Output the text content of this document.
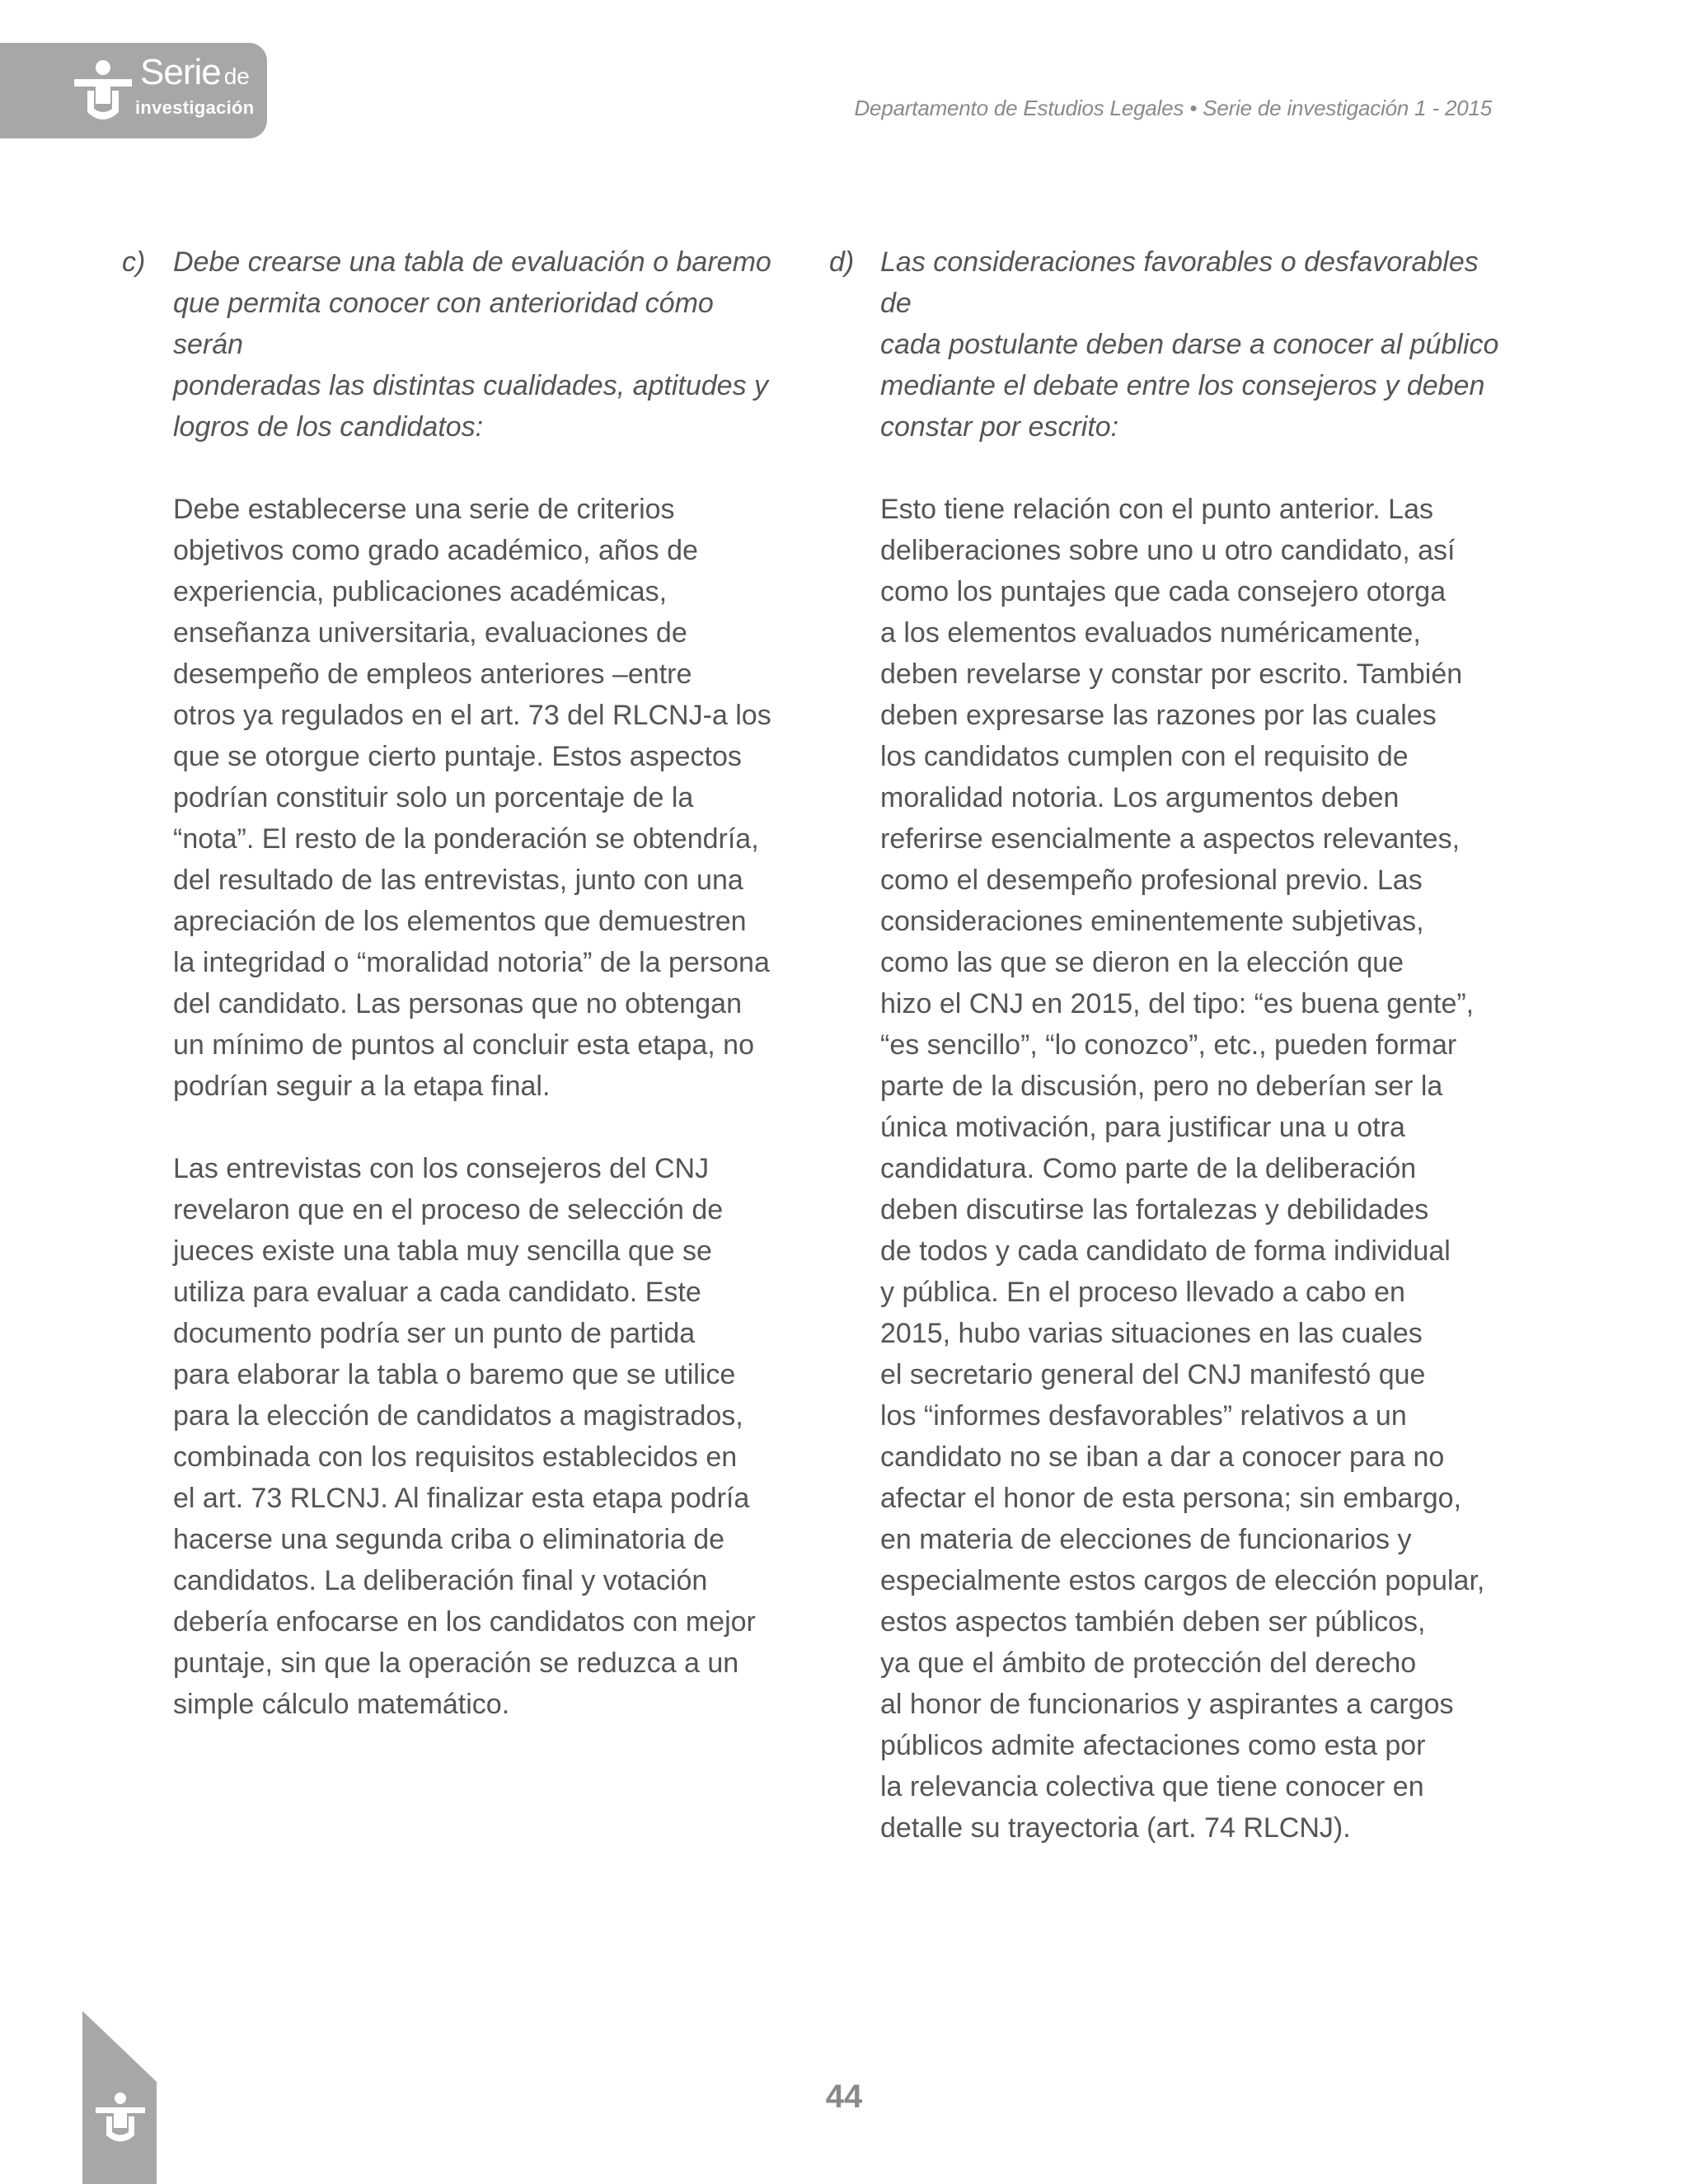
Serie de
investigación	Departamento de Estudios Legales • Serie de investigación 1 - 2015
c) Debe crearse una tabla de evaluación o baremo
que permita conocer con anterioridad cómo serán
ponderadas las distintas cualidades, aptitudes y
logros de los candidatos:

Debe establecerse una serie de criterios
objetivos como grado académico, años de
experiencia, publicaciones académicas,
enseñanza universitaria, evaluaciones de
desempeño de empleos anteriores –entre
otros ya regulados en el art. 73 del RLCNJ-a los
que se otorgue cierto puntaje. Estos aspectos
podrían constituir solo un porcentaje de la
“nota”. El resto de la ponderación se obtendría,
del resultado de las entrevistas, junto con una
apreciación de los elementos que demuestren
la integridad o “moralidad notoria” de la persona
del candidato. Las personas que no obtengan
un mínimo de puntos al concluir esta etapa, no
podrían seguir a la etapa final.

Las entrevistas con los consejeros del CNJ
revelaron que en el proceso de selección de
jueces existe una tabla muy sencilla que se
utiliza para evaluar a cada candidato. Este
documento podría ser un punto de partida
para elaborar la tabla o baremo que se utilice
para la elección de candidatos a magistrados,
combinada con los requisitos establecidos en
el art. 73 RLCNJ. Al finalizar esta etapa podría
hacerse una segunda criba o eliminatoria de
candidatos. La deliberación final y votación
debería enfocarse en los candidatos con mejor
puntaje, sin que la operación se reduzca a un
simple cálculo matemático.

d) Las consideraciones favorables o desfavorables de
cada postulante deben darse a conocer al público
mediante el debate entre los consejeros y deben
constar por escrito:

Esto tiene relación con el punto anterior. Las
deliberaciones sobre uno u otro candidato, así
como los puntajes que cada consejero otorga
a los elementos evaluados numéricamente,
deben revelarse y constar por escrito. También
deben expresarse las razones por las cuales
los candidatos cumplen con el requisito de
moralidad notoria. Los argumentos deben
referirse esencialmente a aspectos relevantes,
como el desempeño profesional previo. Las
consideraciones eminentemente subjetivas,
como las que se dieron en la elección que
hizo el CNJ en 2015, del tipo: “es buena gente”,
“es sencillo”, “lo conozco”, etc., pueden formar
parte de la discusión, pero no deberían ser la
única motivación, para justificar una u otra
candidatura. Como parte de la deliberación
deben discutirse las fortalezas y debilidades
de todos y cada candidato de forma individual
y pública. En el proceso llevado a cabo en
2015, hubo varias situaciones en las cuales
el secretario general del CNJ manifestó que
los “informes desfavorables” relativos a un
candidato no se iban a dar a conocer para no
afectar el honor de esta persona; sin embargo,
en materia de elecciones de funcionarios y
especialmente estos cargos de elección popular,
estos aspectos también deben ser públicos,
ya que el ámbito de protección del derecho
al honor de funcionarios y aspirantes a cargos
públicos admite afectaciones como esta por
la relevancia colectiva que tiene conocer en
detalle su trayectoria (art. 74 RLCNJ).

44
